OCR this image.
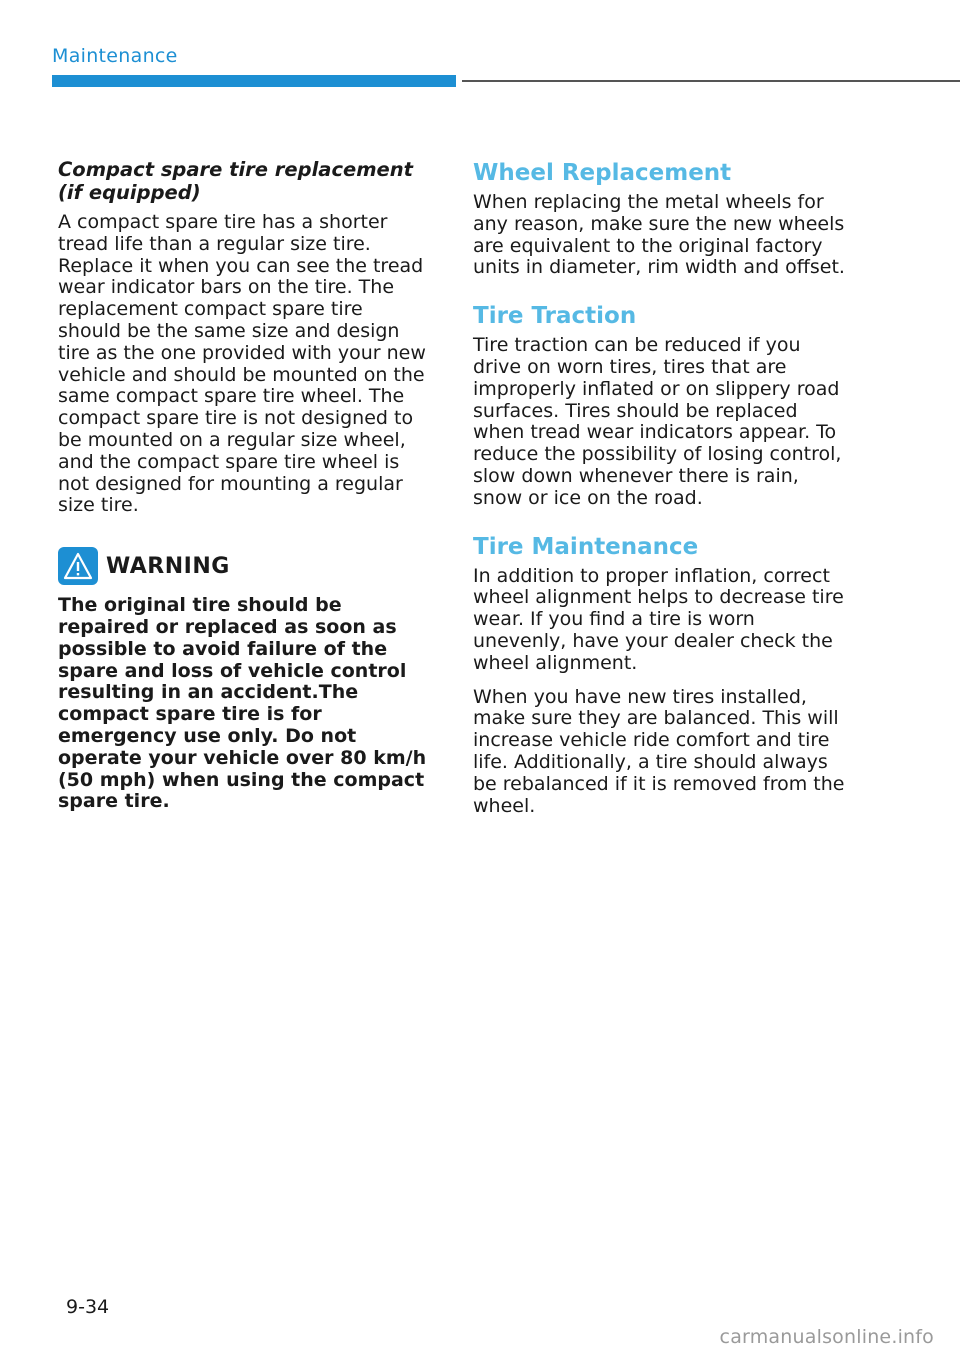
Maintenance

Compact spare tire replacement (if equipped)

A compact spare tire has a shorter tread life than a regular size tire. Replace it when you can see the tread wear indicator bars on the tire. The replacement compact spare tire should be the same size and design tire as the one provided with your new vehicle and should be mounted on the same compact spare tire wheel. The compact spare tire is not designed to be mounted on a regular size wheel, and the compact spare tire wheel is not designed for mounting a regular size tire.

WARNING

The original tire should be repaired or replaced as soon as possible to avoid failure of the spare and loss of vehicle control resulting in an accident.The compact spare tire is for emergency use only. Do not operate your vehicle over 80 km/h (50 mph) when using the compact spare tire.

Wheel Replacement

When replacing the metal wheels for any reason, make sure the new wheels are equivalent to the original factory units in diameter, rim width and offset.

Tire Traction

Tire traction can be reduced if you drive on worn tires, tires that are improperly inflated or on slippery road surfaces. Tires should be replaced when tread wear indicators appear. To reduce the possibility of losing control, slow down whenever there is rain, snow or ice on the road.

Tire Maintenance

In addition to proper inflation, correct wheel alignment helps to decrease tire wear. If you find a tire is worn unevenly, have your dealer check the wheel alignment.

When you have new tires installed, make sure they are balanced. This will increase vehicle ride comfort and tire life. Additionally, a tire should always be rebalanced if it is removed from the wheel.

9-34
carmanualsonline.info
